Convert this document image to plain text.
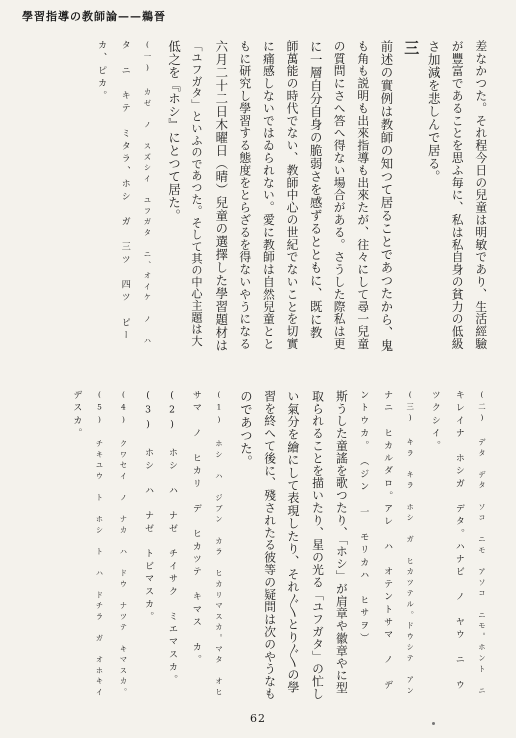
學習指導の教師論——鵜晉
差なかつた。それ程今日の兒童は明敏であり、生活經驗
が豐富であることを思ふ毎に、私は私自身の貧力の低級
さ加減を悲しんで居る。
三
前述の實例は教師の知つて居ることであつたから、鬼
も角も説明も出來指導も出來たが、往々にして尋一兒童
の質問にさへ答へ得ない場合がある。さうした際私は更
に一層自分自身の脆弱さを感ずるとともに、既に教
師萬能の時代でない、教師中心の世紀でないことを切實
に痛感しないではゐられない。愛に教師は自然兒童とと
もに研究し學習する態度をとらざるを得ないやうになる
六月二十二日木曜日（晴）兒童の選擇した學習題材は
「ユフガタ」といふのであつた。そして其の中心主題は大
低之を『ホシ』にとつて居た。
(一) カゼ　ノ　スズシイ　ユフガタ　ニ、オイケ　ノ　ハ
タ　ニ　キテ　ミタラ、ホシ　ガ　三ツ　四ツ　ピー
カ、ピカ。
(二) デタ　デタ　ソコ　ニモ　アソコ　ニモ。ホント　ニ
キレイナ　ホシガ　デタ。ハナビ　ノ　ヤウ　ニ　ウ
ツクシイ。
(三) キラ　キラ　ホシ　ガ　ヒカツテル。ドウシテ　アン
ナニ　ヒカルダロ。アレ　ハ　オテントサマ　ノ　デ
ントウカ。　（ジン　一　モリカハ　ヒサヲ）
斯うした童謠を歌つたり、「ホシ」が肩章や徽章やに型
取られることを描いたり、星の光る「ユフガタ」の忙し
い氣分を繪にして表現したり、それ〴〵とり〴〵の學
習を終へて後に、殘されたる彼等の疑問は次のやうなも
のであつた。
(1) ホシ　ハ　ジブン　カラ　ヒカリマスカ。マタ　オヒ
サマ　ノ　ヒカリ　デ　ヒカツテ　キマス　カ。
(2) ホシ　ハ　ナゼ　チイサク　ミエマスカ。
(3) ホシ　ハ　ナゼ　トビマスカ。
(4) クワセイ　ノ　ナカ　ハ　ドウ　ナツテ　キマスカ。
(5) チキユウ　ト　ホシ　ト　ハ　ドチラ　ガ　オホキイ
デスカ。
62
